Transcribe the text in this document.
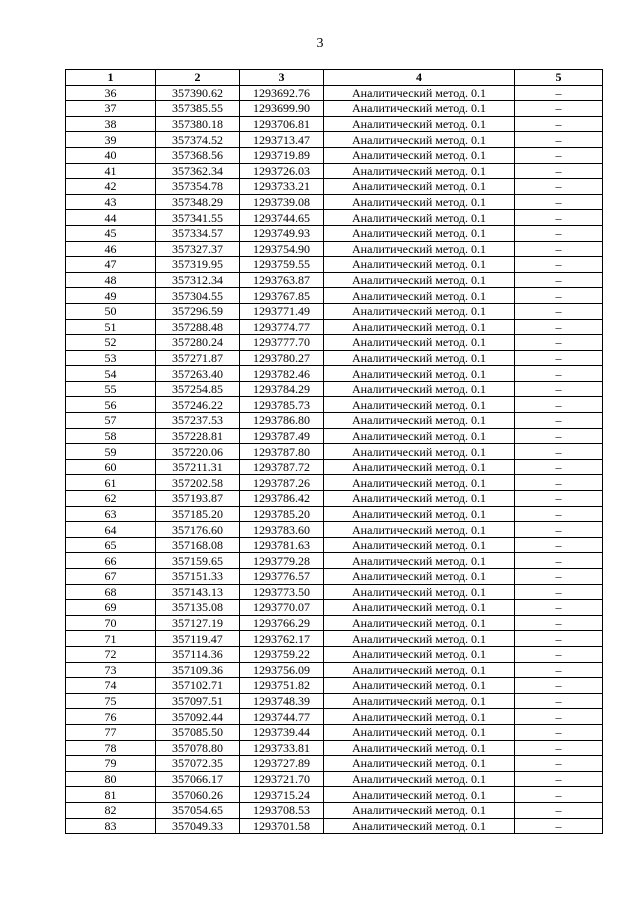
3
1	2	3	4	5
36	357390.62	1293692.76	Аналитический метод. 0.1	–
37	357385.55	1293699.90	Аналитический метод. 0.1	–
38	357380.18	1293706.81	Аналитический метод. 0.1	–
39	357374.52	1293713.47	Аналитический метод. 0.1	–
40	357368.56	1293719.89	Аналитический метод. 0.1	–
41	357362.34	1293726.03	Аналитический метод. 0.1	–
42	357354.78	1293733.21	Аналитический метод. 0.1	–
43	357348.29	1293739.08	Аналитический метод. 0.1	–
44	357341.55	1293744.65	Аналитический метод. 0.1	–
45	357334.57	1293749.93	Аналитический метод. 0.1	–
46	357327.37	1293754.90	Аналитический метод. 0.1	–
47	357319.95	1293759.55	Аналитический метод. 0.1	–
48	357312.34	1293763.87	Аналитический метод. 0.1	–
49	357304.55	1293767.85	Аналитический метод. 0.1	–
50	357296.59	1293771.49	Аналитический метод. 0.1	–
51	357288.48	1293774.77	Аналитический метод. 0.1	–
52	357280.24	1293777.70	Аналитический метод. 0.1	–
53	357271.87	1293780.27	Аналитический метод. 0.1	–
54	357263.40	1293782.46	Аналитический метод. 0.1	–
55	357254.85	1293784.29	Аналитический метод. 0.1	–
56	357246.22	1293785.73	Аналитический метод. 0.1	–
57	357237.53	1293786.80	Аналитический метод. 0.1	–
58	357228.81	1293787.49	Аналитический метод. 0.1	–
59	357220.06	1293787.80	Аналитический метод. 0.1	–
60	357211.31	1293787.72	Аналитический метод. 0.1	–
61	357202.58	1293787.26	Аналитический метод. 0.1	–
62	357193.87	1293786.42	Аналитический метод. 0.1	–
63	357185.20	1293785.20	Аналитический метод. 0.1	–
64	357176.60	1293783.60	Аналитический метод. 0.1	–
65	357168.08	1293781.63	Аналитический метод. 0.1	–
66	357159.65	1293779.28	Аналитический метод. 0.1	–
67	357151.33	1293776.57	Аналитический метод. 0.1	–
68	357143.13	1293773.50	Аналитический метод. 0.1	–
69	357135.08	1293770.07	Аналитический метод. 0.1	–
70	357127.19	1293766.29	Аналитический метод. 0.1	–
71	357119.47	1293762.17	Аналитический метод. 0.1	–
72	357114.36	1293759.22	Аналитический метод. 0.1	–
73	357109.36	1293756.09	Аналитический метод. 0.1	–
74	357102.71	1293751.82	Аналитический метод. 0.1	–
75	357097.51	1293748.39	Аналитический метод. 0.1	–
76	357092.44	1293744.77	Аналитический метод. 0.1	–
77	357085.50	1293739.44	Аналитический метод. 0.1	–
78	357078.80	1293733.81	Аналитический метод. 0.1	–
79	357072.35	1293727.89	Аналитический метод. 0.1	–
80	357066.17	1293721.70	Аналитический метод. 0.1	–
81	357060.26	1293715.24	Аналитический метод. 0.1	–
82	357054.65	1293708.53	Аналитический метод. 0.1	–
83	357049.33	1293701.58	Аналитический метод. 0.1	–
